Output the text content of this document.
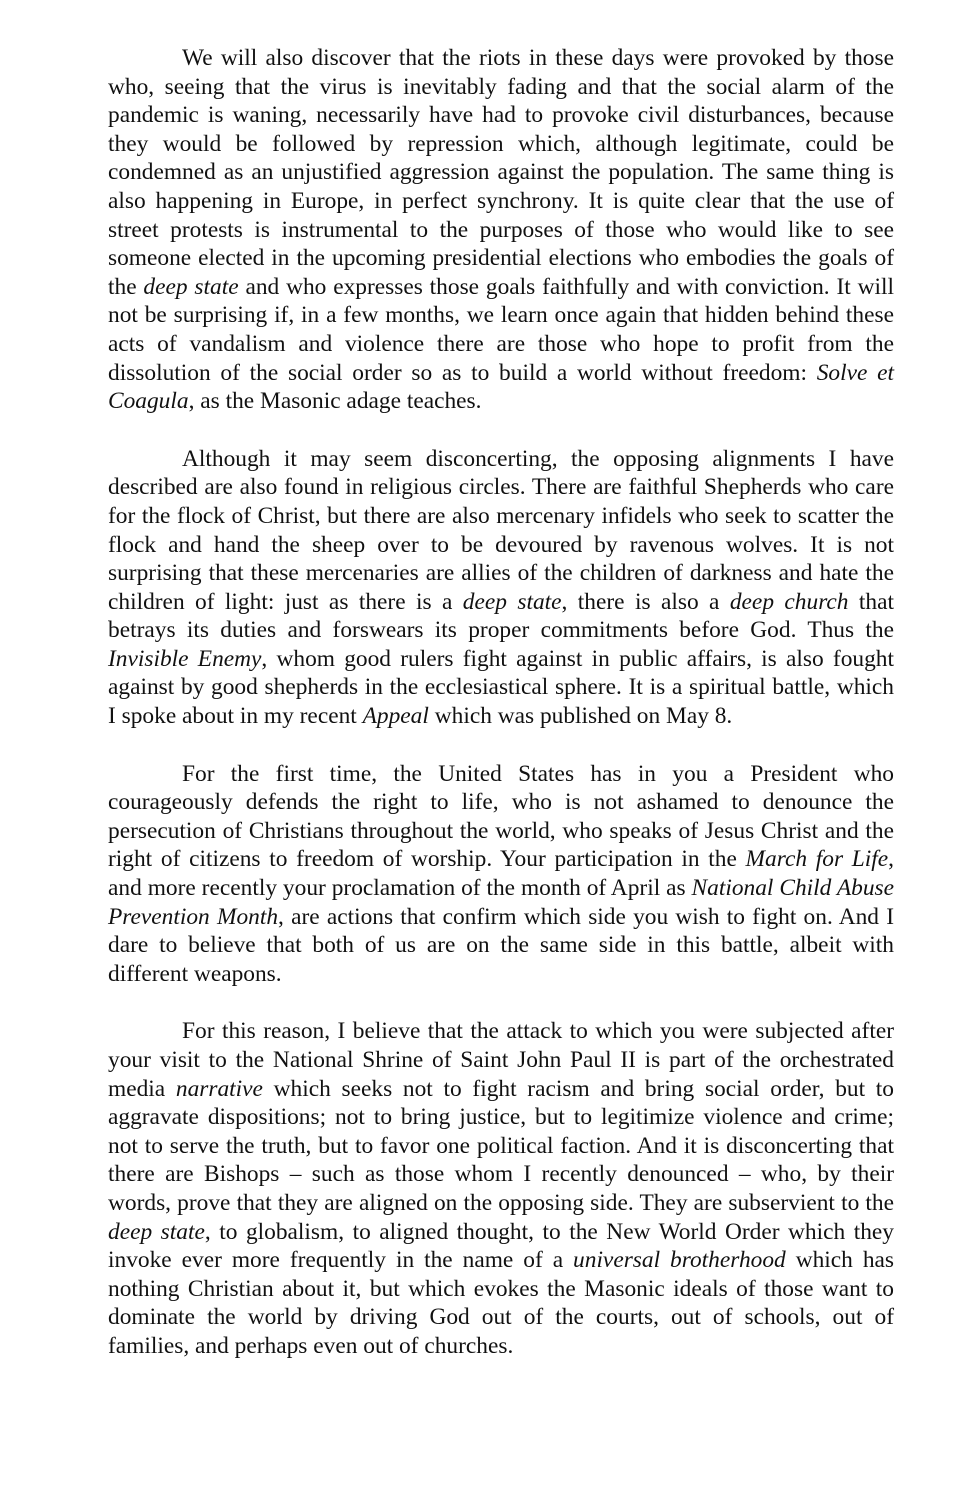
We will also discover that the riots in these days were provoked by those who, seeing that the virus is inevitably fading and that the social alarm of the pandemic is waning, necessarily have had to provoke civil disturbances, because they would be followed by repression which, although legitimate, could be condemned as an unjustified aggression against the population. The same thing is also happening in Europe, in perfect synchrony. It is quite clear that the use of street protests is instrumental to the purposes of those who would like to see someone elected in the upcoming presidential elections who embodies the goals of the deep state and who expresses those goals faithfully and with conviction. It will not be surprising if, in a few months, we learn once again that hidden behind these acts of vandalism and violence there are those who hope to profit from the dissolution of the social order so as to build a world without freedom: Solve et Coagula, as the Masonic adage teaches.

Although it may seem disconcerting, the opposing alignments I have described are also found in religious circles. There are faithful Shepherds who care for the flock of Christ, but there are also mercenary infidels who seek to scatter the flock and hand the sheep over to be devoured by ravenous wolves. It is not surprising that these mercenaries are allies of the children of darkness and hate the children of light: just as there is a deep state, there is also a deep church that betrays its duties and forswears its proper commitments before God. Thus the Invisible Enemy, whom good rulers fight against in public affairs, is also fought against by good shepherds in the ecclesiastical sphere. It is a spiritual battle, which I spoke about in my recent Appeal which was published on May 8.

For the first time, the United States has in you a President who courageously defends the right to life, who is not ashamed to denounce the persecution of Christians throughout the world, who speaks of Jesus Christ and the right of citizens to freedom of worship. Your participation in the March for Life, and more recently your proclamation of the month of April as National Child Abuse Prevention Month, are actions that confirm which side you wish to fight on. And I dare to believe that both of us are on the same side in this battle, albeit with different weapons.

For this reason, I believe that the attack to which you were subjected after your visit to the National Shrine of Saint John Paul II is part of the orchestrated media narrative which seeks not to fight racism and bring social order, but to aggravate dispositions; not to bring justice, but to legitimize violence and crime; not to serve the truth, but to favor one political faction. And it is disconcerting that there are Bishops – such as those whom I recently denounced – who, by their words, prove that they are aligned on the opposing side. They are subservient to the deep state, to globalism, to aligned thought, to the New World Order which they invoke ever more frequently in the name of a universal brotherhood which has nothing Christian about it, but which evokes the Masonic ideals of those want to dominate the world by driving God out of the courts, out of schools, out of families, and perhaps even out of churches.
